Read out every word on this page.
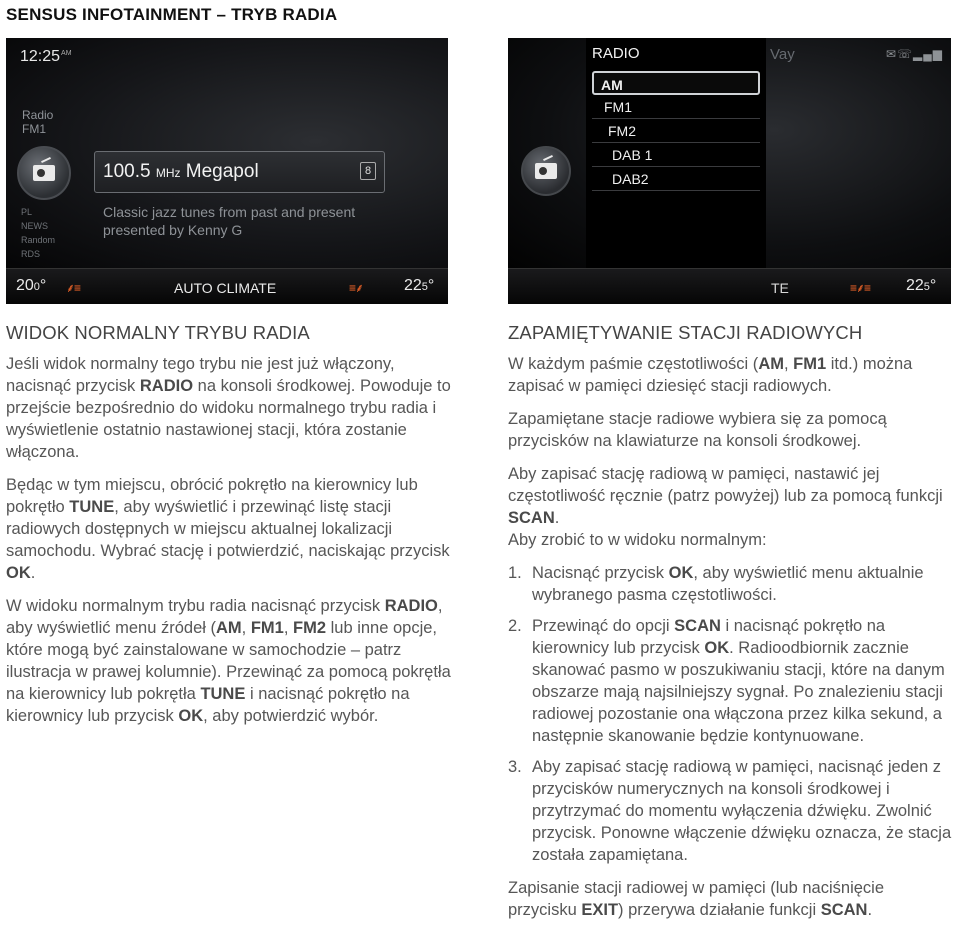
SENSUS INFOTAINMENT – TRYB RADIA
$12:25^{AM}$
Radio
FM1
100.5 MHz Megapol	8
PL
NEWS
Random
RDS
Classic jazz tunes from past and present
presented by Kenny G
200° ⸙≡	AUTO CLIMATE	≡⸙	225°
Vay	✉☏▂▄▆
RADIO
AM
FM1
FM2
DAB 1
DAB2
TE	≡⸙≡ 225°
WIDOK NORMALNY TRYBU RADIA

Jeśli widok normalny tego trybu nie jest już włączony, nacisnąć przycisk RADIO na konsoli środkowej. Powoduje to przejście bezpośrednio do widoku normalnego trybu radia i wyświetlenie ostatnio nastawionej stacji, która zostanie włączona.

Będąc w tym miejscu, obrócić pokrętło na kierownicy lub pokrętło TUNE, aby wyświetlić i przewinąć listę stacji radiowych dostępnych w miejscu aktualnej lokalizacji samochodu. Wybrać stację i potwierdzić, naciskając przycisk OK.

W widoku normalnym trybu radia nacisnąć przycisk RADIO, aby wyświetlić menu źródeł (AM, FM1, FM2 lub inne opcje, które mogą być zainstalowane w samochodzie – patrz ilustracja w prawej kolumnie). Przewinąć za pomocą pokrętła na kierownicy lub pokrętła TUNE i nacisnąć pokrętło na kierownicy lub przycisk OK, aby potwierdzić wybór.

ZAPAMIĘTYWANIE STACJI RADIOWYCH

W każdym paśmie częstotliwości (AM, FM1 itd.) można zapisać w pamięci dziesięć stacji radiowych.

Zapamiętane stacje radiowe wybiera się za pomocą przycisków na klawiaturze na konsoli środkowej.

Aby zapisać stację radiową w pamięci, nastawić jej częstotliwość ręcznie (patrz powyżej) lub za pomocą funkcji SCAN.

Aby zrobić to w widoku normalnym:

1. Nacisnąć przycisk OK, aby wyświetlić menu aktualnie wybranego pasma częstotliwości.
2. Przewinąć do opcji SCAN i nacisnąć pokrętło na kierownicy lub przycisk OK. Radioodbiornik zacznie skanować pasmo w poszukiwaniu stacji, które na danym obszarze mają najsilniejszy sygnał. Po znalezieniu stacji radiowej pozostanie ona włączona przez kilka sekund, a następnie skanowanie będzie kontynuowane.
3. Aby zapisać stację radiową w pamięci, nacisnąć jeden z przycisków numerycznych na konsoli środkowej i przytrzymać do momentu wyłączenia dźwięku. Zwolnić przycisk. Ponowne włączenie dźwięku oznacza, że stacja została zapamiętana.

Zapisanie stacji radiowej w pamięci (lub naciśnięcie przycisku EXIT) przerywa działanie funkcji SCAN.
